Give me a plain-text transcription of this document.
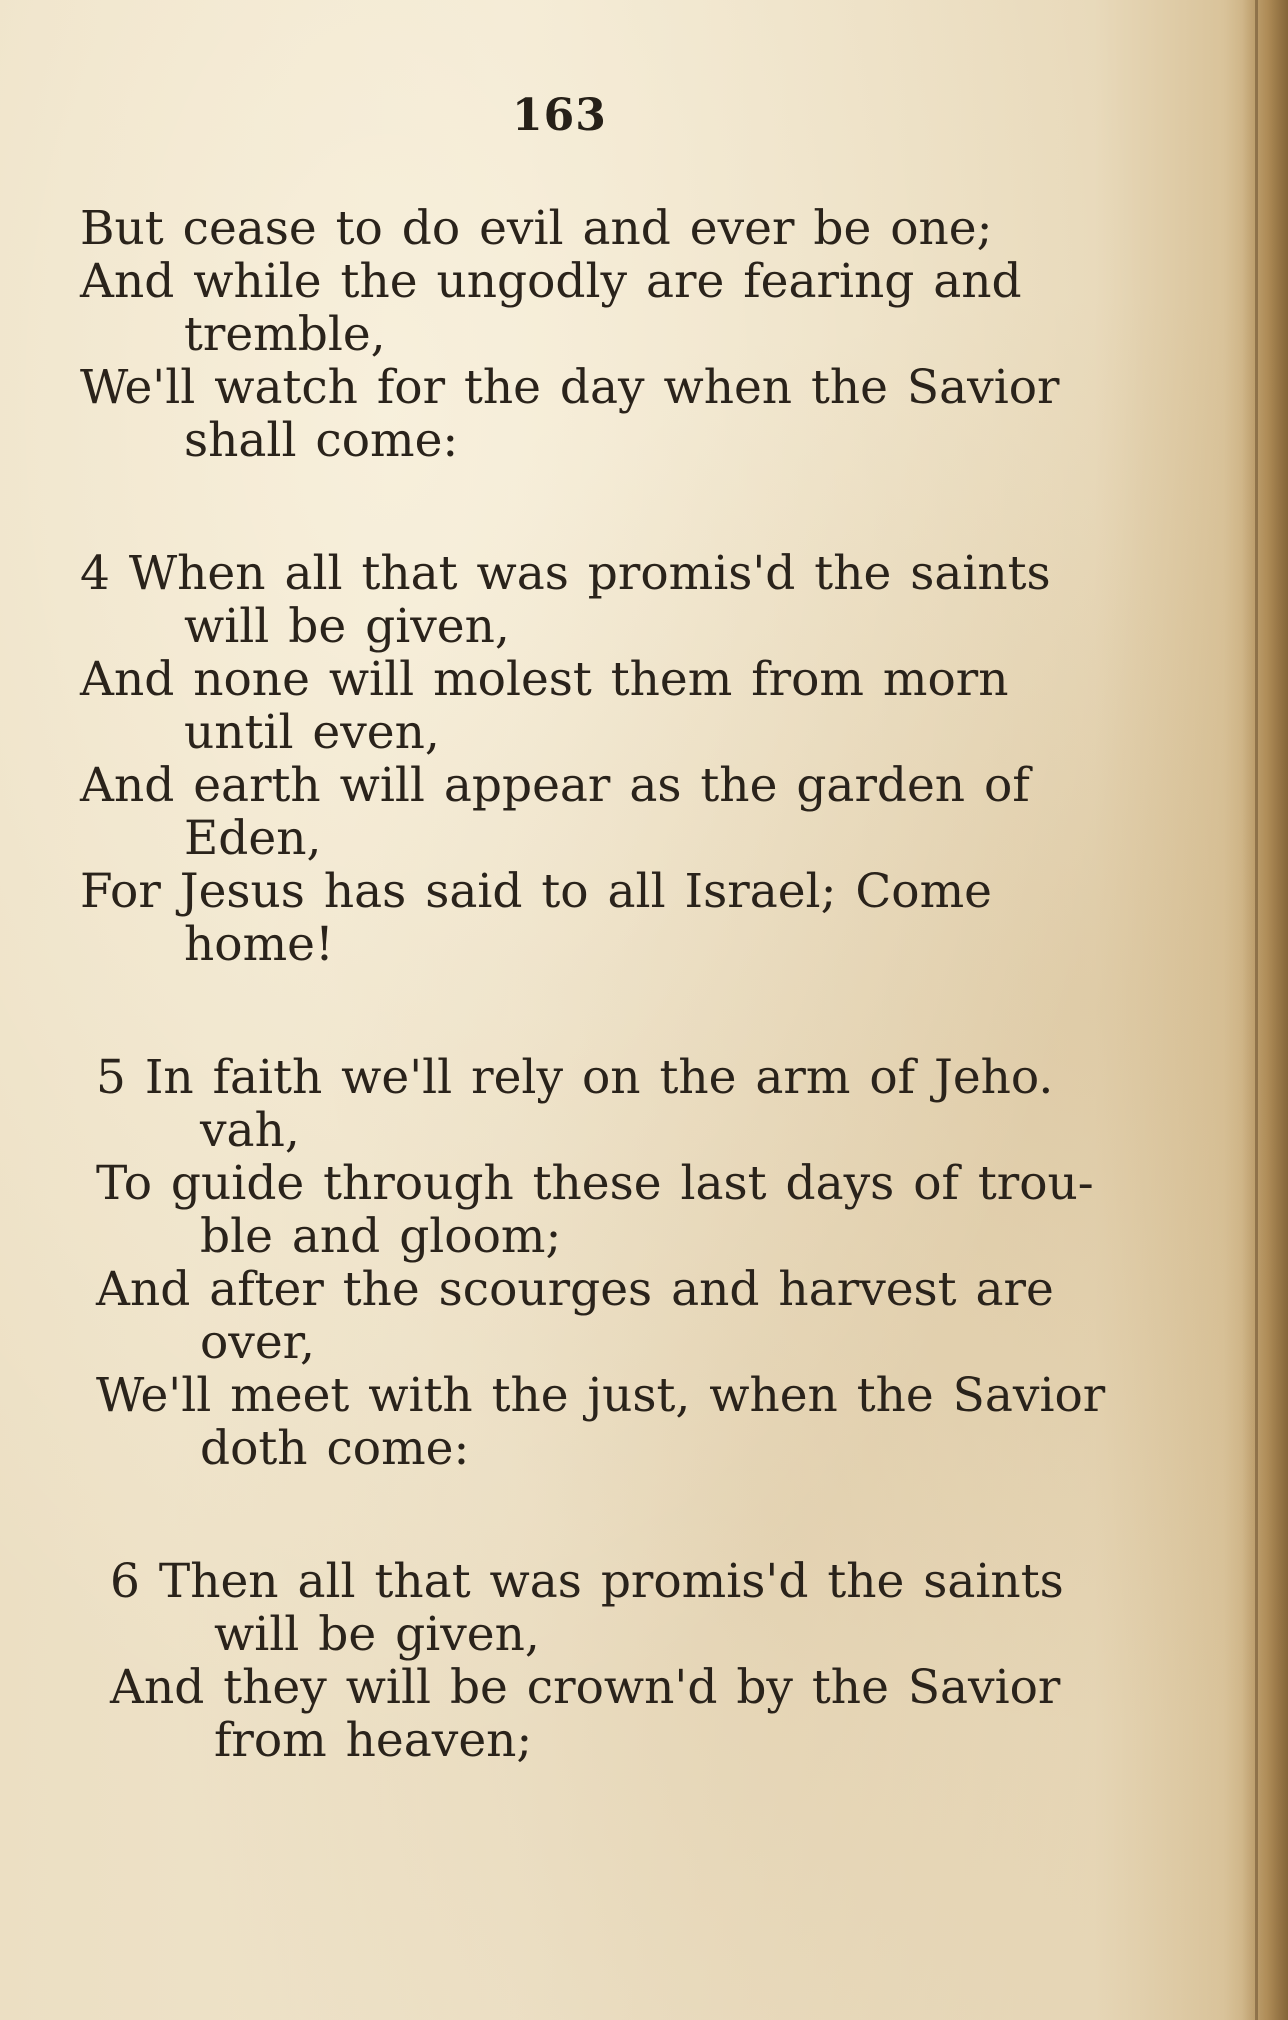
163
But cease to do evil and ever be one;
And while the ungodly are fearing and
tremble,
We'll watch for the day when the Savior
shall come:
4 When all that was promis'd the saints
will be given,
And none will molest them from morn
until even,
And earth will appear as the garden of
Eden,
For Jesus has said to all Israel; Come
home!
5 In faith we'll rely on the arm of Jeho.
vah,
To guide through these last days of trou-
ble and gloom;
And after the scourges and harvest are
over,
We'll meet with the just, when the Savior
doth come:
6 Then all that was promis'd the saints
will be given,
And they will be crown'd by the Savior
from heaven;
